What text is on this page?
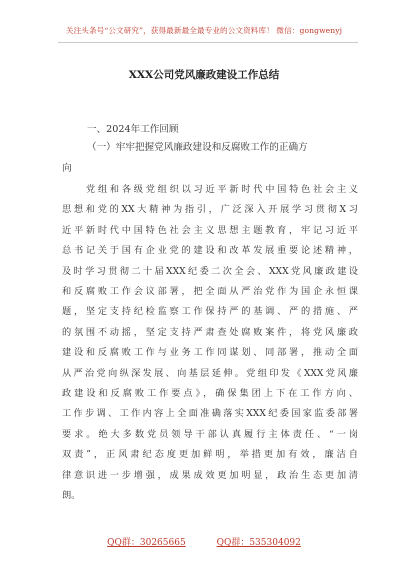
关注头条号“公文研究”，获得最新最全最专业的公文资料库！ 微信：gongwenyj
XXX公司党风廉政建设工作总结
一、2024年工作回顾
（一）牢牢把握党风廉政建设和反腐败工作的正确方
向
党组和各级党组织以习近平新时代中国特色社会主义
思想和党的XX大精神为指引，广泛深入开展学习贯彻X习
近平新时代中国特色社会主义思想主题教育，牢记习近平
总书记关于国有企业党的建设和改革发展重要论述精神，
及时学习贯彻二十届XXX纪委二次全会、XXX党风廉政建设
和反腐败工作会议部署，把全面从严治党作为国企永恒课
题，坚定支持纪检监察工作保持严的基调、严的措施、严
的氛围不动摇，坚定支持严肃查处腐败案件，将党风廉政
建设和反腐败工作与业务工作同谋划、同部署，推动全面
从严治党向纵深发展、向基层延伸。党组印发《XXX党风廉
政建设和反腐败工作要点》，确保集团上下在工作方向、
工作步调、工作内容上全面准确落实XXX纪委国家监委部署
要求。绝大多数党员领导干部认真履行主体责任、“一岗
双责”，正风肃纪态度更加鲜明，举措更加有效，廉洁自
律意识进一步增强，成果成效更加明显，政治生态更加清
朗。
QQ群：30265665	QQ群：535304092
